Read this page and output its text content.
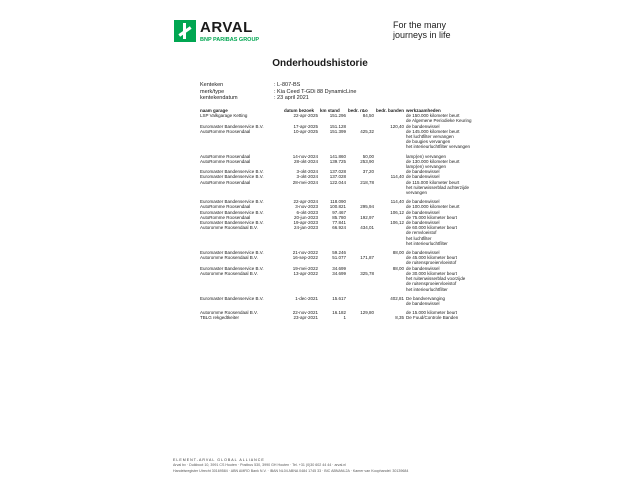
ARVAL
BNP PARIBAS GROUP
For the many
journeys in life
Onderhoudshistorie
Kenteken	: L-807-BS
merk/type	: Kia Ceed T-GDi 88 DynamicLine
kentekendatum	: 23 april 2021
naam garage	datum bezoek	km stand	bedr. r&o	bedr. banden	werkzaamheden
LSP Valkgarage Ketting	22-apr-2025	151.296	84,50		de 150.000 kilometer beurt
					de Algemene Periodieke Keuring
Euromaster Bandenservice B.V.	17-apr-2025	151.128		120,40	de bandenwissel
AutoRomme Roosendaal	10-apr-2025	151.399	425,32		de 145.000 kilometer beurt
					het luchtfilter vervangen
					de bougies vervangen
					het interieurluchtfilter vervangen

AutoRomme Roosendaal	14-nov-2024	141.860	50,00		lamp(en) vervangen
AutoRomme Roosendaal	28-okt-2024	139.725	253,90		de 130.000 kilometer beurt
					lamp(en) vervangen
Euromaster Bandenservice B.V.	3-okt-2024	137.028	37,20		de bandenwissel
Euromaster Bandenservice B.V.	3-okt-2024	137.028		114,40	de bandenwissel
AutoRomme Roosendaal	28-mei-2024	122.044	218,78		de 115.000 kilometer beurt
					het ruitenwisserblad achterzijde
					vervangen

Euromaster Bandenservice B.V.	22-apr-2024	118.090		114,40	de bandenwissel
AutoRomme Roosendaal	3-nov-2023	100.821	295,94		de 100.000 kilometer beurt
Euromaster Bandenservice B.V.	6-okt-2023	97.467		106,12	de bandenwissel
AutoRomme Roosendaal	20-jun-2023	85.780	192,97		de 75.000 kilometer beurt
Euromaster Bandenservice B.V.	19-apr-2023	77.841		106,12	de bandenwissel
Autoromme Roosendaal B.V.	24-jan-2023	66.924	434,01		de 60.000 kilometer beurt
					de remvloeistof
					het luchtfilter
					het interieurluchtfilter

Euromaster Bandenservice B.V.	21-nov-2022	59.246		88,00	de bandenwissel
Autoromme Roosendaal B.V.	16-sep-2022	51.077	171,87		de 45.000 kilometer beurt
					de ruitensproeiervloeistof
Euromaster Bandenservice B.V.	19-mei-2022	34.699		88,00	de bandenwissel
Autoromme Roosendaal B.V.	13-apr-2022	34.699	325,78		de 30.000 kilometer beurt
					het ruitenwisserblad voorzijde
					de ruitensproeiervloeistof
					het interieurluchtfilter

Euromaster Bandenservice B.V.	1-dec-2021	15.617		402,81	De bandvervanging
					de bandenwissel

Autoromme Roosendaal B.V.	22-nov-2021	16.182	129,80		de 15.000 kilometer beurt
TBLG rekgedtkeiter	23-apr-2021	1		8,35	De Fuud/Controle Banden
ELEMENT-ARVAL GLOBAL ALLIANCE
Arval bv · Duikboot 10, 3991 CS Houten · Postbus 530, 3990 GH Houten · Tel. +31 (0)30 602 44 44 · arval.nl
Handelsregister Utrecht 30169584 · ABN AMRO Bank N.V. · IBAN NL04 ABNA 0484 1745 33 · BIC ABNANL2A · Kamer van Koophandel: 30139684
